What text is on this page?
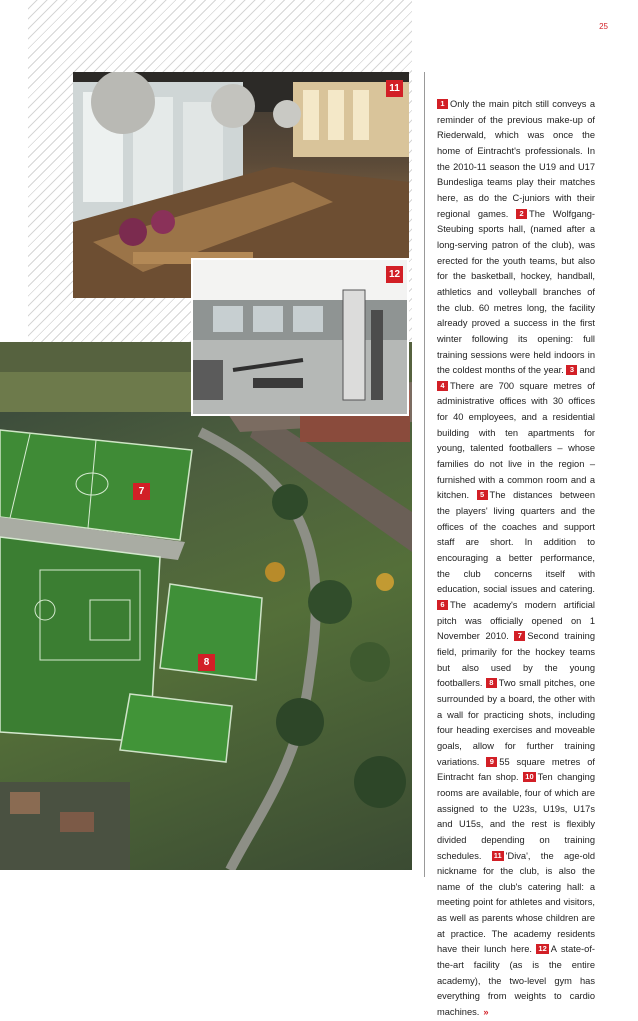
25
11
12
7
8
1 Only the main pitch still conveys a reminder of the previous make-up of Riederwald, which was once the home of Eintracht's professionals. In the 2010-11 season the U19 and U17 Bundesliga teams play their matches here, as do the C-juniors with their regional games. 2 The Wolfgang-Steubing sports hall, (named after a long-serving patron of the club), was erected for the youth teams, but also for the basketball, hockey, handball, athletics and volleyball branches of the club. 60 metres long, the facility already proved a success in the first winter following its opening: full training sessions were held indoors in the coldest months of the year. 3 and 4 There are 700 square metres of administrative offices with 30 offices for 40 employees, and a residential building with ten apartments for young, talented footballers – whose families do not live in the region – furnished with a common room and a kitchen. 5 The distances between the players' living quarters and the offices of the coaches and support staff are short. In addition to encouraging a better performance, the club concerns itself with education, social issues and catering. 6 The academy's modern artificial pitch was officially opened on 1 November 2010. 7 Second training field, primarily for the hockey teams but also used by the young footballers. 8 Two small pitches, one surrounded by a board, the other with a wall for practicing shots, including four heading exercises and moveable goals, allow for further training variations. 9 55 square metres of Eintracht fan shop. 10 Ten changing rooms are available, four of which are assigned to the U23s, U19s, U17s and U15s, and the rest is flexibly divided depending on training schedules. 11 'Diva', the age-old nickname for the club, is also the name of the club's catering hall: a meeting point for athletes and visitors, as well as parents whose children are at practice. The academy residents have their lunch here. 12 A state-of-the-art facility (as is the entire academy), the two-level gym has everything from weights to cardio machines. »
